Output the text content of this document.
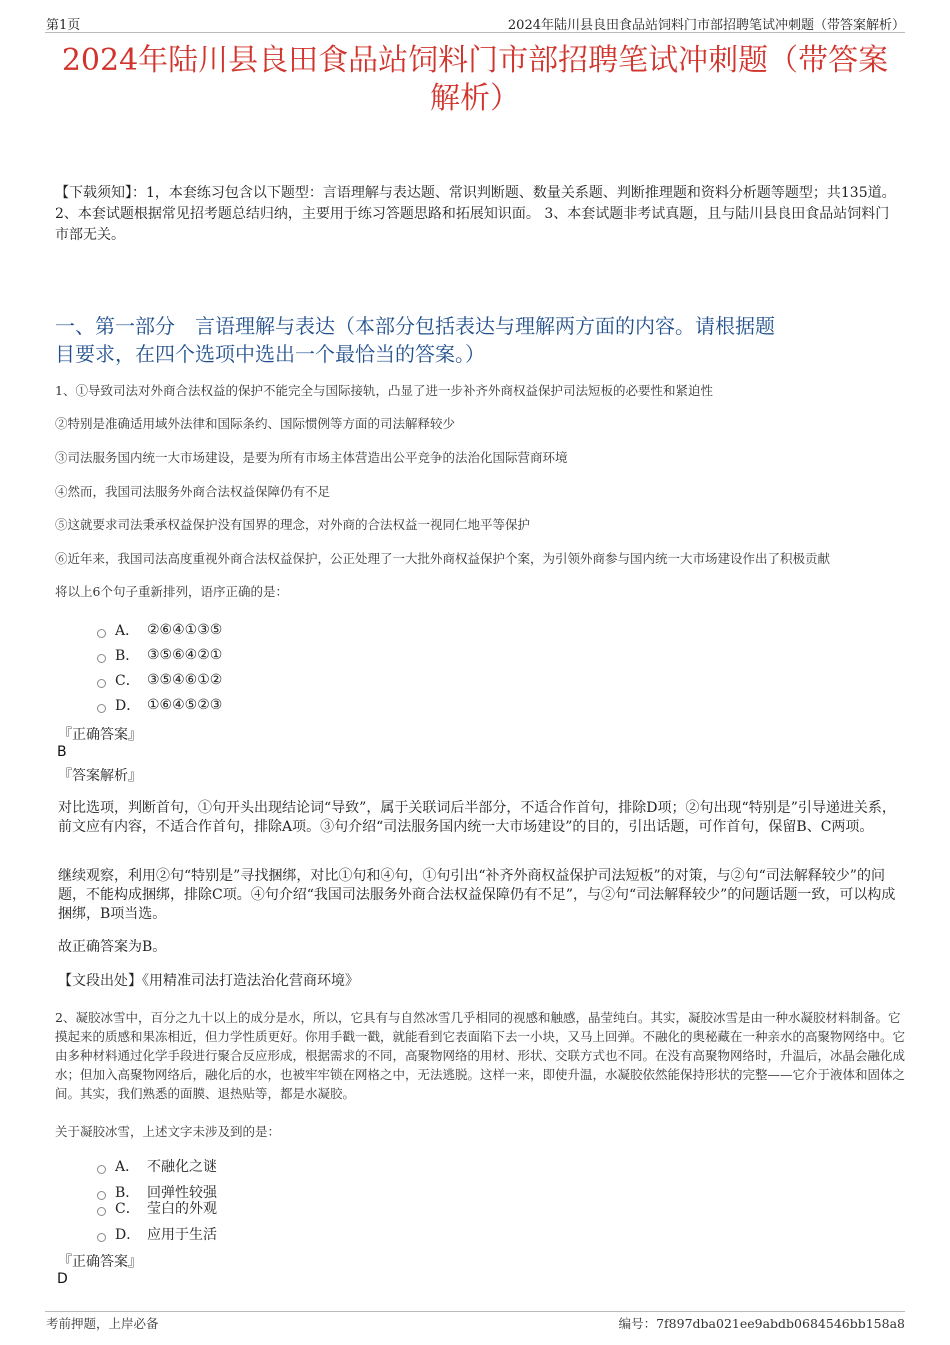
第1页	2024年陆川县良田食品站饲料门市部招聘笔试冲刺题（带答案解析）
2024年陆川县良田食品站饲料门市部招聘笔试冲刺题（带答案
解析）
【下载须知】：1，本套练习包含以下题型：言语理解与表达题、常识判断题、数量关系题、判断推理题和资料分析题等题型；共135道。 2、本套试题根据常见招考题总结归纳，主要用于练习答题思路和拓展知识面。 3、本套试题非考试真题，且与陆川县良田食品站饲料门市部无关。
一、第一部分　言语理解与表达（本部分包括表达与理解两方面的内容。请根据题
目要求，在四个选项中选出一个最恰当的答案。）
1、①导致司法对外商合法权益的保护不能完全与国际接轨，凸显了进一步补齐外商权益保护司法短板的必要性和紧迫性
②特别是准确适用域外法律和国际条约、国际惯例等方面的司法解释较少
③司法服务国内统一大市场建设，是要为所有市场主体营造出公平竞争的法治化国际营商环境
④然而，我国司法服务外商合法权益保障仍有不足
⑤这就要求司法秉承权益保护没有国界的理念，对外商的合法权益一视同仁地平等保护
⑥近年来，我国司法高度重视外商合法权益保护，公正处理了一大批外商权益保护个案，为引领外商参与国内统一大市场建设作出了积极贡献
将以上6个句子重新排列，语序正确的是：
A． ②⑥④①③⑤
B． ③⑤⑥④②①
C． ③⑤④⑥①②
D． ①⑥④⑤②③
『正确答案』
B
『答案解析』
对比选项，判断首句，①句开头出现结论词“导致”，属于关联词后半部分，不适合作首句，排除D项；②句出现“特别是”引导递进关系，前文应有内容，不适合作首句，排除A项。③句介绍“司法服务国内统一大市场建设”的目的，引出话题，可作首句，保留B、C两项。
继续观察，利用②句“特别是”寻找捆绑，对比①句和④句，①句引出“补齐外商权益保护司法短板”的对策，与②句“司法解释较少”的问题，不能构成捆绑，排除C项。④句介绍“我国司法服务外商合法权益保障仍有不足”，与②句“司法解释较少”的问题话题一致，可以构成捆绑，B项当选。
故正确答案为B。
【文段出处】《用精准司法打造法治化营商环境》
2、凝胶冰雪中，百分之九十以上的成分是水，所以，它具有与自然冰雪几乎相同的视感和触感，晶莹纯白。其实，凝胶冰雪是由一种水凝胶材料制备。它摸起来的质感和果冻相近，但力学性质更好。你用手戳一戳，就能看到它表面陷下去一小块，又马上回弹。不融化的奥秘藏在一种亲水的高聚物网络中。它由多种材料通过化学手段进行聚合反应形成，根据需求的不同，高聚物网络的用材、形状、交联方式也不同。在没有高聚物网络时，升温后，冰晶会融化成水；但加入高聚物网络后，融化后的水，也被牢牢锁在网格之中，无法逃脱。这样一来，即使升温，水凝胶依然能保持形状的完整——它介于液体和固体之间。其实，我们熟悉的面膜、退热贴等，都是水凝胶。
关于凝胶冰雪，上述文字未涉及到的是：
A． 不融化之谜
B． 回弹性较强
C． 莹白的外观
D． 应用于生活
『正确答案』
D
考前押题，上岸必备	编号：7f897dba021ee9abdb0684546bb158a8
